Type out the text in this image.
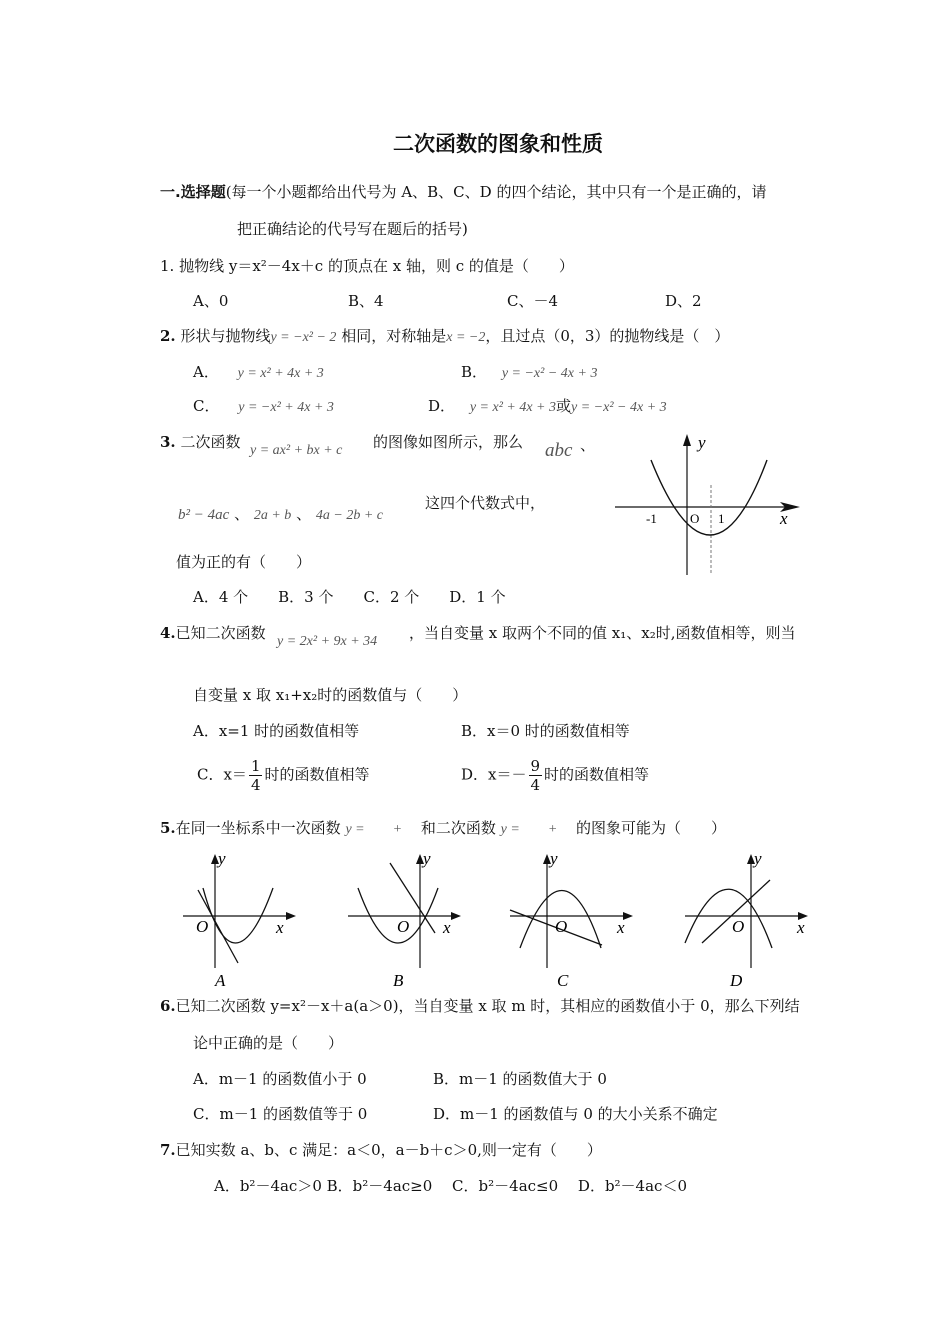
二次函数的图象和性质
一.选择题(每一个小题都给出代号为 A、B、C、D 的四个结论，其中只有一个是正确的，请
把正确结论的代号写在题后的括号)
1. 抛物线 y＝x²－4x＋c 的顶点在 x 轴，则 c 的值是（　　）
A、0	B、4	C、－4	D、2
2. 形状与抛物线y = −x² − 2 相同，对称轴是x = −2，且过点（0，3）的抛物线是（　）
A． y = x² + 4x + 3	B． y = −x² − 4x + 3
C． y = −x² + 4x + 3	D． y = x² + 4x + 3或y = −x² − 4x + 3
3. 二次函数 y = ax² + bx + c 的图像如图所示，那么 abc 、
b² − 4ac 、 2a + b 、 4a − 2b + c
这四个代数式中，
值为正的有（　　）
A．4 个　　B．3 个　　C．2 个　　D．1 个
y
x
-1	O 1
4.已知二次函数 y = 2x² + 9x + 34 ，当自变量 x 取两个不同的值 x₁、x₂时,函数值相等，则当
自变量 x 取 x₁+x₂时的函数值与（　　）
A．x=1 时的函数值相等	B．x＝0 时的函数值相等
C．$x= \frac{1}{4}$ 时的函数值相等	D．$x=- \frac{9}{4}$ 时的函数值相等
5.在同一坐标系中一次函数 y =　　+ 和二次函数 y =　　+ 的图象可能为（　　）
y
x
O
A
y
x
O
B
y
x
O
C
y
x
O
D
6.已知二次函数 y=x²－x＋a(a＞0)，当自变量 x 取 m 时，其相应的函数值小于 0，那么下列结
论中正确的是（　　）
A．m－1 的函数值小于 0	B．m－1 的函数值大于 0
C．m－1 的函数值等于 0	D．m－1 的函数值与 0 的大小关系不确定
7.已知实数 a、b、c 满足：a＜0，a－b＋c＞0,则一定有（　　）
A．b²－4ac＞0 B．b²－4ac≥0　 C．b²－4ac≤0　 D．b²－4ac＜0
